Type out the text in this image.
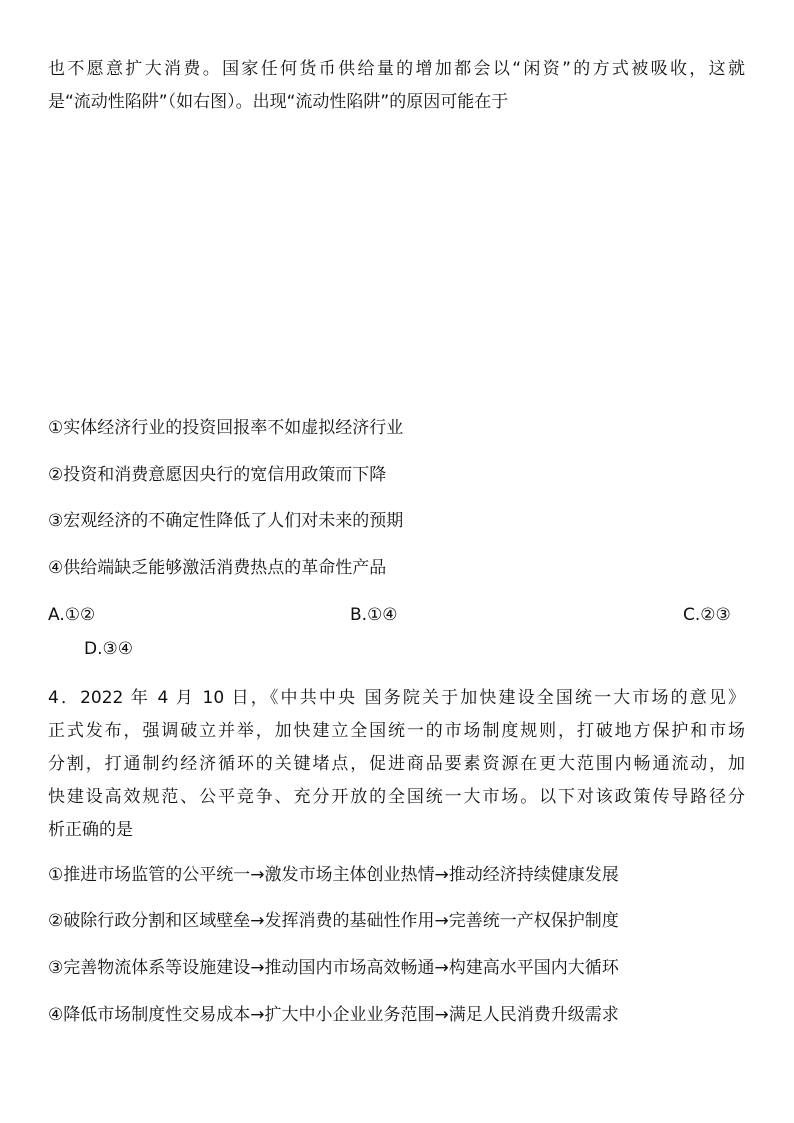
也不愿意扩大消费。国家任何货币供给量的增加都会以“闲资”的方式被吸收，这就
是“流动性陷阱”（如右图）。出现“流动性陷阱”的原因可能在于
①实体经济行业的投资回报率不如虚拟经济行业
②投资和消费意愿因央行的宽信用政策而下降
③宏观经济的不确定性降低了人们对未来的预期
④供给端缺乏能够激活消费热点的革命性产品
A.①②	B.①④	C.②③
D.③④
4．2022 年 4 月 10 日，《中共中央 国务院关于加快建设全国统一大市场的意见》
正式发布，强调破立并举，加快建立全国统一的市场制度规则，打破地方保护和市场
分割，打通制约经济循环的关键堵点，促进商品要素资源在更大范围内畅通流动，加
快建设高效规范、公平竞争、充分开放的全国统一大市场。以下对该政策传导路径分
析正确的是
①推进市场监管的公平统一→激发市场主体创业热情→推动经济持续健康发展
②破除行政分割和区域壁垒→发挥消费的基础性作用→完善统一产权保护制度
③完善物流体系等设施建设→推动国内市场高效畅通→构建高水平国内大循环
④降低市场制度性交易成本→扩大中小企业业务范围→满足人民消费升级需求
